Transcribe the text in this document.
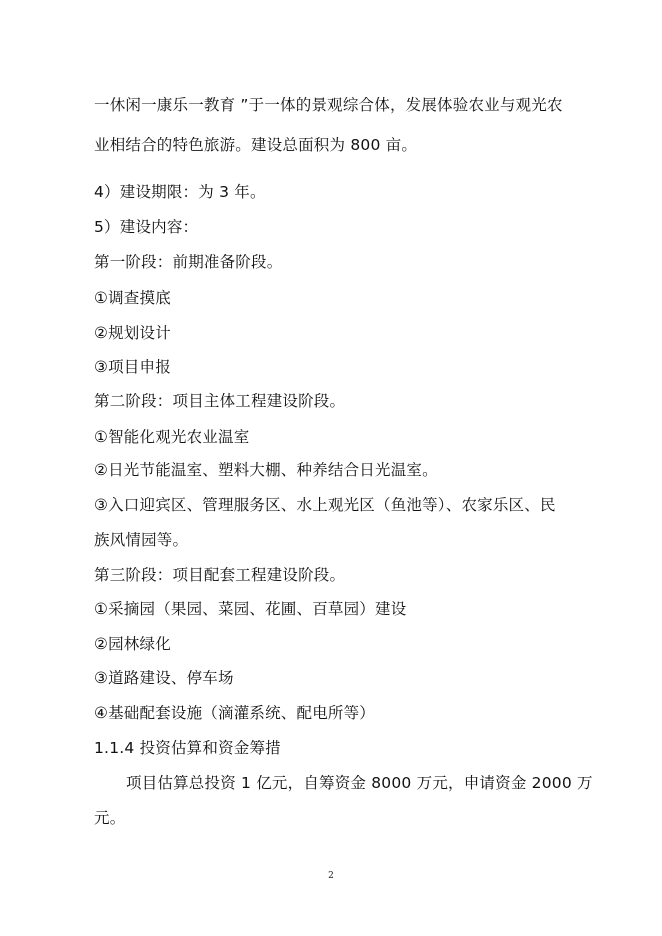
一休闲一康乐一教育 ”于一体的景观综合体，发展体验农业与观光农
业相结合的特色旅游。建设总面积为 800 亩。
4）建设期限：为 3 年。
5）建设内容：
第一阶段：前期准备阶段。
①调查摸底
②规划设计
③项目申报
第二阶段：项目主体工程建设阶段。
①智能化观光农业温室
②日光节能温室、塑料大棚、种养结合日光温室。
③入口迎宾区、管理服务区、水上观光区（鱼池等）、农家乐区、民
族风情园等。
第三阶段：项目配套工程建设阶段。
①采摘园（果园、菜园、花圃、百草园）建设
②园林绿化
③道路建设、停车场
④基础配套设施（滴灌系统、配电所等）
1.1.4 投资估算和资金筹措
项目估算总投资 1 亿元，自筹资金 8000 万元，申请资金 2000 万
元。
2
